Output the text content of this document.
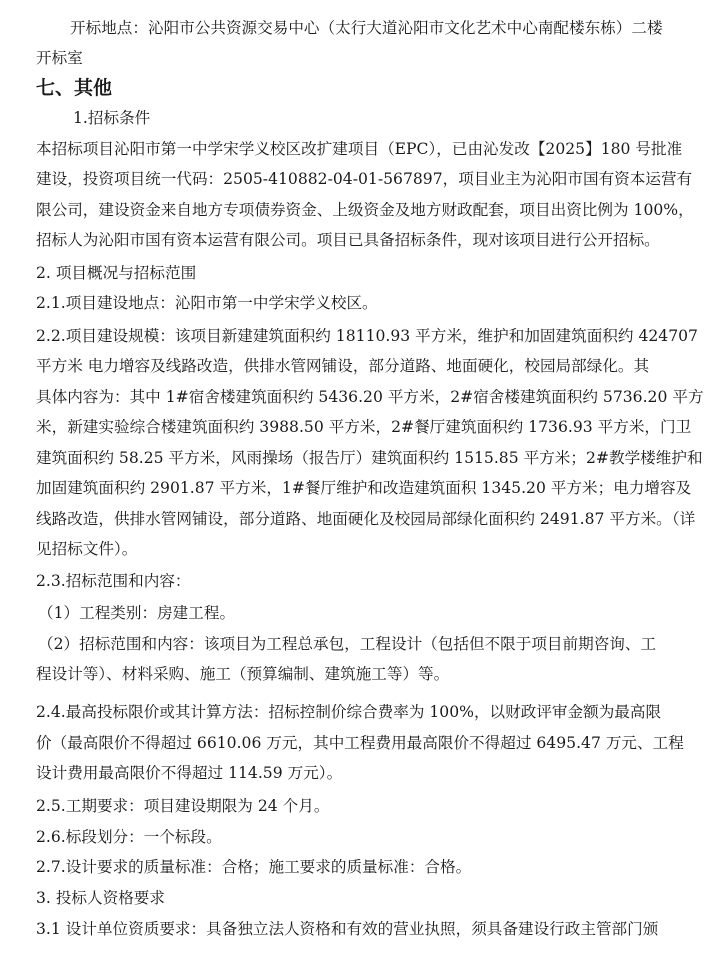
开标地点：沁阳市公共资源交易中心（太行大道沁阳市文化艺术中心南配楼东栋）二楼
开标室
七、其他
1.招标条件
本招标项目沁阳市第一中学宋学义校区改扩建项目（EPC），已由沁发改【2025】180 号批准
建设，投资项目统一代码：2505-410882-04-01-567897，项目业主为沁阳市国有资本运营有
限公司，建设资金来自地方专项债券资金、上级资金及地方财政配套，项目出资比例为 100%，
招标人为沁阳市国有资本运营有限公司。项目已具备招标条件，现对该项目进行公开招标。
2. 项目概况与招标范围
2.1.项目建设地点：沁阳市第一中学宋学义校区。
2.2.项目建设规模：该项目新建建筑面积约 18110.93 平方米，维护和加固建筑面积约 424707
平方米 电力增容及线路改造，供排水管网铺设，部分道路、地面硬化，校园局部绿化。其
具体内容为：其中 1#宿舍楼建筑面积约 5436.20 平方米，2#宿舍楼建筑面积约 5736.20 平方
米，新建实验综合楼建筑面积约 3988.50 平方米，2#餐厅建筑面积约 1736.93 平方米，门卫
建筑面积约 58.25 平方米，风雨操场（报告厅）建筑面积约 1515.85 平方米；2#教学楼维护和
加固建筑面积约 2901.87 平方米，1#餐厅维护和改造建筑面积 1345.20 平方米；电力增容及
线路改造，供排水管网铺设，部分道路、地面硬化及校园局部绿化面积约 2491.87 平方米。（详
见招标文件）。
2.3.招标范围和内容：
（1）工程类别：房建工程。
（2）招标范围和内容：该项目为工程总承包，工程设计（包括但不限于项目前期咨询、工
程设计等）、材料采购、施工（预算编制、建筑施工等）等。
2.4.最高投标限价或其计算方法：招标控制价综合费率为 100%，以财政评审金额为最高限
价（最高限价不得超过 6610.06 万元，其中工程费用最高限价不得超过 6495.47 万元、工程
设计费用最高限价不得超过 114.59 万元）。
2.5.工期要求：项目建设期限为 24 个月。
2.6.标段划分：一个标段。
2.7.设计要求的质量标准：合格；施工要求的质量标准：合格。
3. 投标人资格要求
3.1 设计单位资质要求：具备独立法人资格和有效的营业执照，须具备建设行政主管部门颁
